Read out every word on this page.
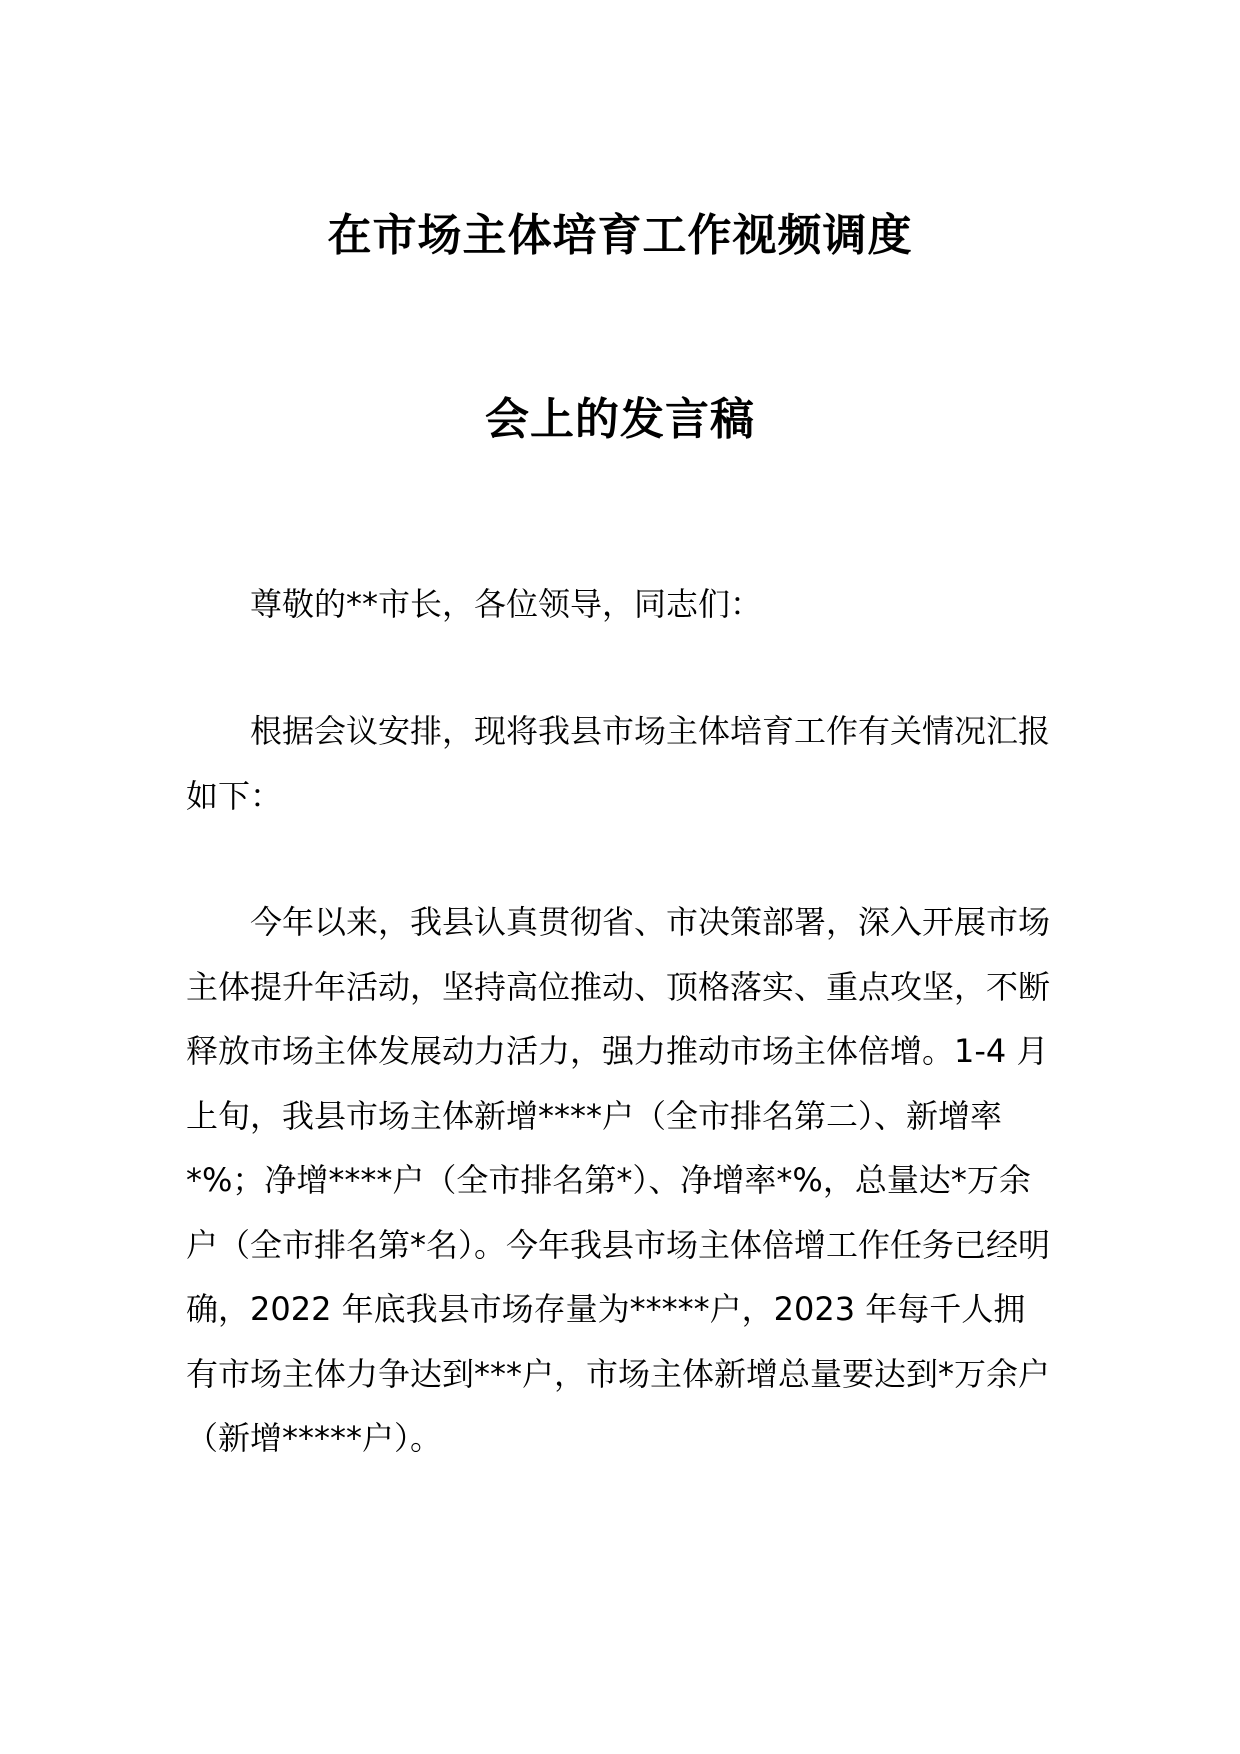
在市场主体培育工作视频调度
会上的发言稿

尊敬的**市长，各位领导，同志们：

根据会议安排，现将我县市场主体培育工作有关情况汇报如下：

今年以来，我县认真贯彻省、市决策部署，深入开展市场主体提升年活动，坚持高位推动、顶格落实、重点攻坚，不断释放市场主体发展动力活力，强力推动市场主体倍增。1-4 月上旬，我县市场主体新增****户（全市排名第二）、新增率*%；净增****户（全市排名第*）、净增率*%，总量达*万余户（全市排名第*名）。今年我县市场主体倍增工作任务已经明确，2022 年底我县市场存量为*****户，2023 年每千人拥有市场主体力争达到***户，市场主体新增总量要达到*万余户（新增*****户）。
